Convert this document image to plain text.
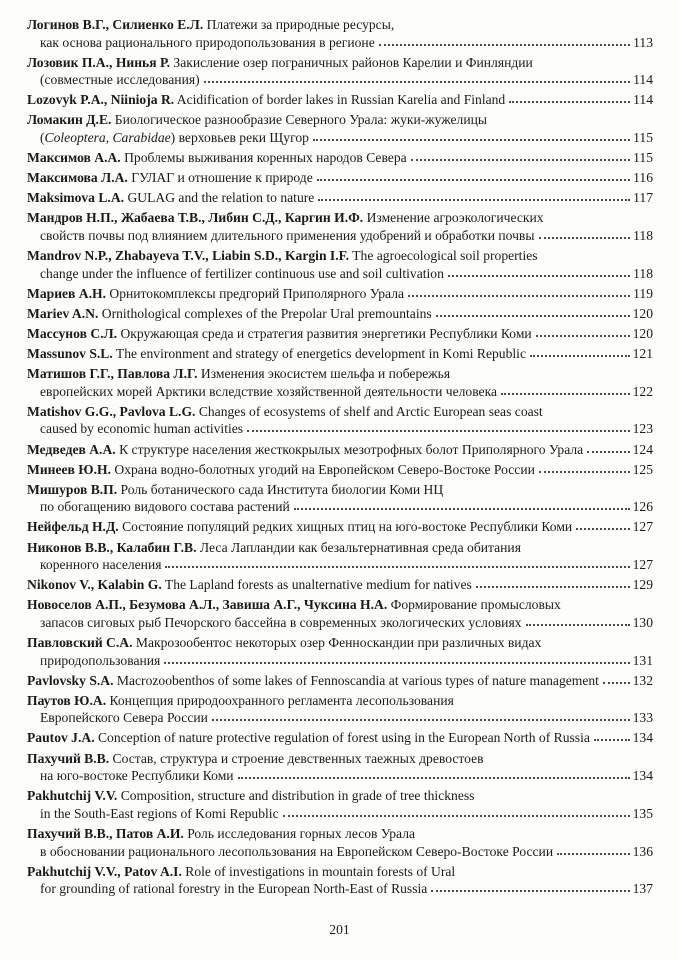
Логинов В.Г., Силиенко Е.Л. Платежи за природные ресурсы,
как основа рационального природопользования в регионе	113
Лозовик П.А., Нинья Р. Закисление озер пограничных районов Карелии и Финляндии
(совместные исследования)	114
Lozovyk P.A., Niinioja R. Acidification of border lakes in Russian Karelia and Finland	114
Ломакин Д.Е. Биологическое разнообразие Северного Урала: жуки-жужелицы
(Coleoptera, Carabidae) верховьев реки Щугор	115
Максимов А.А. Проблемы выживания коренных народов Севера	115
Максимова Л.А. ГУЛАГ и отношение к природе	116
Maksimova L.A. GULAG and the relation to nature	117
Мандров Н.П., Жабаева Т.В., Либин С.Д., Каргин И.Ф. Изменение агроэкологических
свойств почвы под влиянием длительного применения удобрений и обработки почвы	118
Mandrov N.P., Zhabayeva T.V., Liabin S.D., Kargin I.F. The agroecological soil properties
change under the influence of fertilizer continuous use and soil cultivation	118
Мариев А.Н. Орнитокомплексы предгорий Приполярного Урала	119
Mariev A.N. Ornithological complexes of the Prepolar Ural premountains	120
Массунов С.Л. Окружающая среда и стратегия развития энергетики Республики Коми	120
Massunov S.L. The environment and strategy of energetics development in Komi Republic	121
Матишов Г.Г., Павлова Л.Г. Изменения экосистем шельфа и побережья
европейских морей Арктики вследствие хозяйственной деятельности человека	122
Matishov G.G., Pavlova L.G. Changes of ecosystems of shelf and Arctic European seas coast
caused by economic human activities	123
Медведев А.А. К структуре населения жесткокрылых мезотрофных болот Приполярного Урала	124
Минеев Ю.Н. Охрана водно-болотных угодий на Европейском Северо-Востоке России	125
Мишуров В.П. Роль ботанического сада Института биологии Коми НЦ
по обогащению видового состава растений	126
Нейфельд Н.Д. Состояние популяций редких хищных птиц на юго-востоке Республики Коми	127
Никонов В.В., Калабин Г.В. Леса Лапландии как безальтернативная среда обитания
коренного населения	127
Nikonov V., Kalabin G. The Lapland forests as unalternative medium for natives	129
Новоселов А.П., Безумова А.Л., Завиша А.Г., Чуксина Н.А. Формирование промысловых
запасов сиговых рыб Печорского бассейна в современных экологических условиях	130
Павловский С.А. Макрозообентос некоторых озер Фенноскандии при различных видах
природопользования	131
Pavlovsky S.A. Macrozoobenthos of some lakes of Fennoscandia at various types of nature management 132
Паутов Ю.А. Концепция природоохранного регламента лесопользования
Европейского Севера России	133
Pautov J.A. Conception of nature protective regulation of forest using in the European North of Russia	134
Пахучий В.В. Состав, структура и строение девственных таежных древостоев
на юго-востоке Республики Коми	134
Pakhutchij V.V. Composition, structure and distribution in grade of tree thickness
in the South-East regions of Komi Republic	135
Пахучий В.В., Патов А.И. Роль исследования горных лесов Урала
в обосновании рационального лесопользования на Европейском Северо-Востоке России	136
Pakhutchij V.V., Patov A.I. Role of investigations in mountain forests of Ural
for grounding of rational forestry in the European North-East of Russia	137
201
